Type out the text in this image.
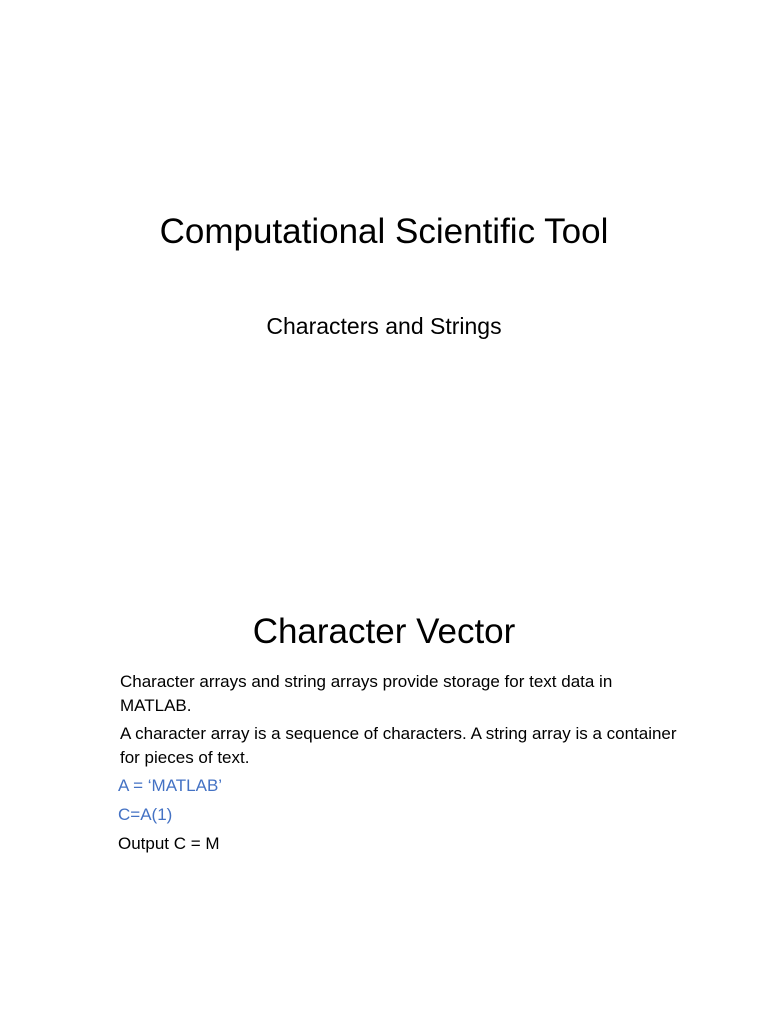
Computational Scientific Tool
Characters and Strings
Character Vector

Character arrays and string arrays provide storage for text data in MATLAB.

A character array is a sequence of characters. A string array is a container for pieces of text.

A = ‘MATLAB’
C=A(1)
Output C = M
